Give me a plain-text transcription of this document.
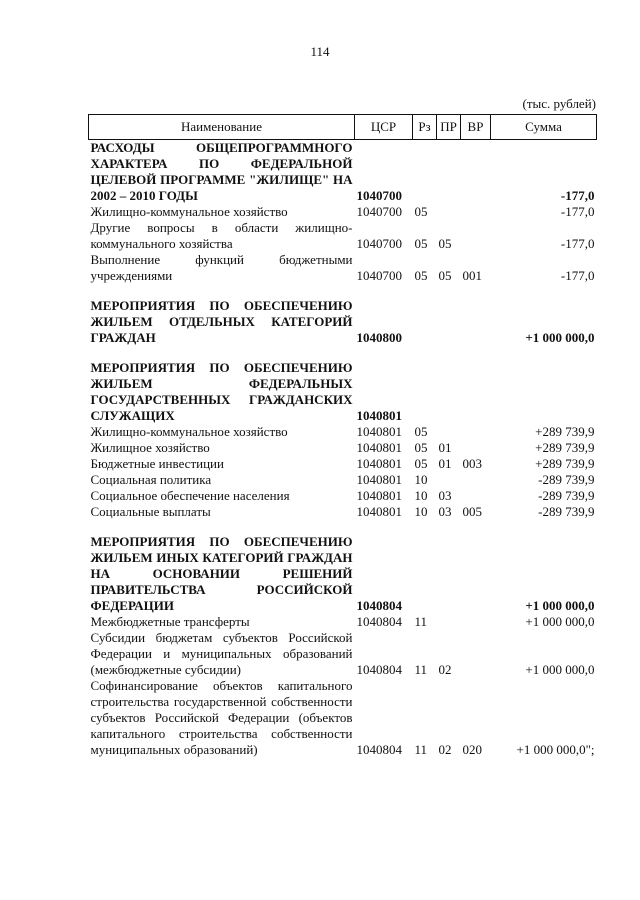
114
(тыс. рублей)
Наименование	ЦСР	Рз	ПР	ВР	Сумма
РАСХОДЫ ОБЩЕПРОГРАММНОГО ХАРАКТЕРА ПО ФЕДЕРАЛЬНОЙ ЦЕЛЕВОЙ ПРОГРАММЕ "ЖИЛИЩЕ" НА 2002 – 2010 ГОДЫ	1040700				-177,0
Жилищно-коммунальное хозяйство	1040700	05			-177,0
Другие вопросы в области жилищно-коммунального хозяйства	1040700	05	05		-177,0
Выполнение функций бюджетными учреждениями	1040700	05	05	001	-177,0
МЕРОПРИЯТИЯ ПО ОБЕСПЕЧЕНИЮ ЖИЛЬЕМ ОТДЕЛЬНЫХ КАТЕГОРИЙ ГРАЖДАН	1040800				+1 000 000,0
МЕРОПРИЯТИЯ ПО ОБЕСПЕЧЕНИЮ ЖИЛЬЕМ ФЕДЕРАЛЬНЫХ ГОСУДАРСТВЕННЫХ ГРАЖДАНСКИХ СЛУЖАЩИХ	1040801				
Жилищно-коммунальное хозяйство	1040801	05			+289 739,9
Жилищное хозяйство	1040801	05	01		+289 739,9
Бюджетные инвестиции	1040801	05	01	003	+289 739,9
Социальная политика	1040801	10			-289 739,9
Социальное обеспечение населения	1040801	10	03		-289 739,9
Социальные выплаты	1040801	10	03	005	-289 739,9
МЕРОПРИЯТИЯ ПО ОБЕСПЕЧЕНИЮ ЖИЛЬЕМ ИНЫХ КАТЕГОРИЙ ГРАЖДАН НА ОСНОВАНИИ РЕШЕНИЙ ПРАВИТЕЛЬСТВА РОССИЙСКОЙ ФЕДЕРАЦИИ	1040804				+1 000 000,0
Межбюджетные трансферты	1040804	11			+1 000 000,0
Субсидии бюджетам субъектов Российской Федерации и муниципальных образований (межбюджетные субсидии)	1040804	11	02		+1 000 000,0
Софинансирование объектов капитального строительства государственной собственности субъектов Российской Федерации (объектов капитального строительства собственности муниципальных образований)	1040804	11	02	020	+1 000 000,0";
